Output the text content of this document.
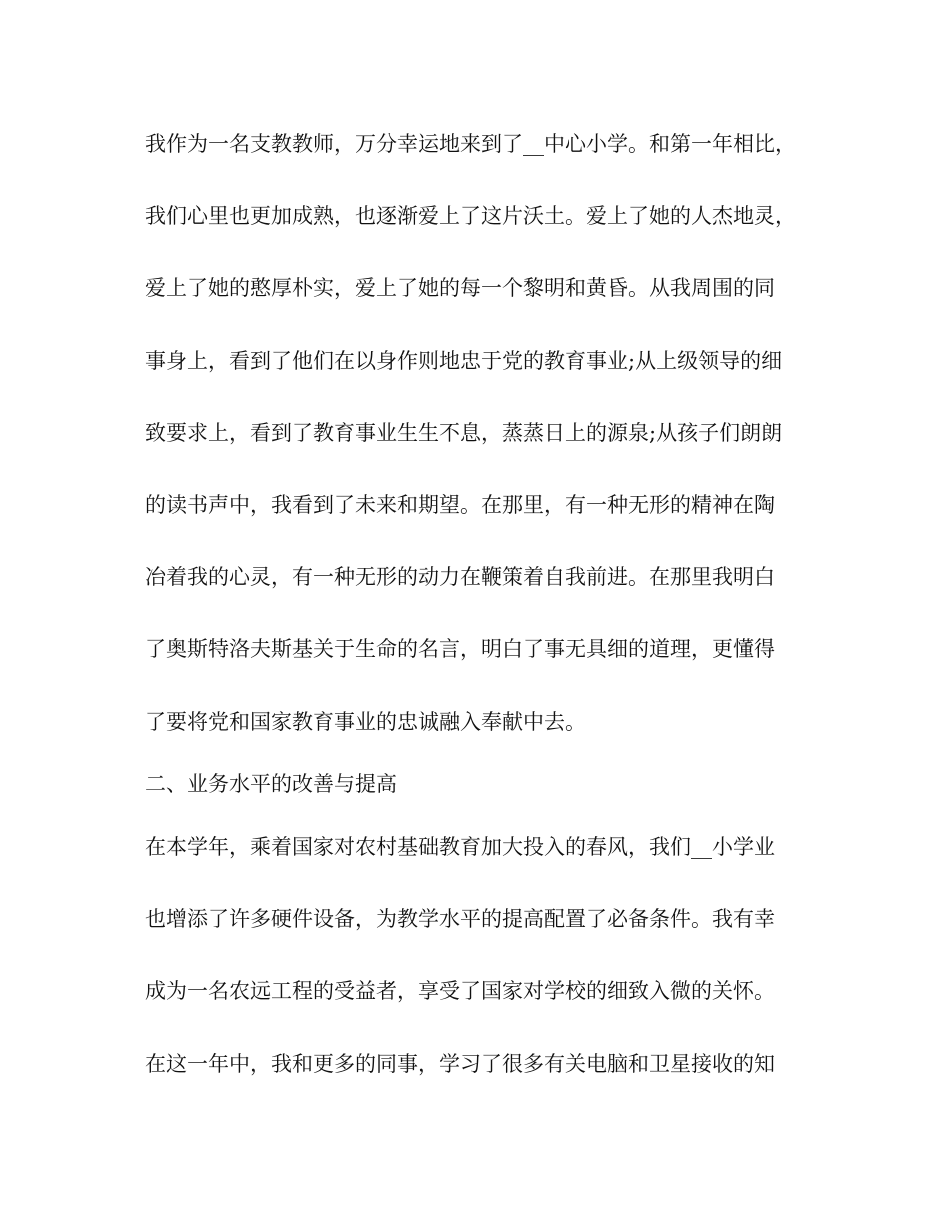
我作为一名支教教师，万分幸运地来到了__中心小学。和第一年相比，
我们心里也更加成熟，也逐渐爱上了这片沃土。爱上了她的人杰地灵，
爱上了她的憨厚朴实，爱上了她的每一个黎明和黄昏。从我周围的同
事身上，看到了他们在以身作则地忠于党的教育事业;从上级领导的细
致要求上，看到了教育事业生生不息，蒸蒸日上的源泉;从孩子们朗朗
的读书声中，我看到了未来和期望。在那里，有一种无形的精神在陶
冶着我的心灵，有一种无形的动力在鞭策着自我前进。在那里我明白
了奥斯特洛夫斯基关于生命的名言，明白了事无具细的道理，更懂得
了要将党和国家教育事业的忠诚融入奉献中去。
二、业务水平的改善与提高
在本学年，乘着国家对农村基础教育加大投入的春风，我们__小学业
也增添了许多硬件设备，为教学水平的提高配置了必备条件。我有幸
成为一名农远工程的受益者，享受了国家对学校的细致入微的关怀。
在这一年中，我和更多的同事，学习了很多有关电脑和卫星接收的知
